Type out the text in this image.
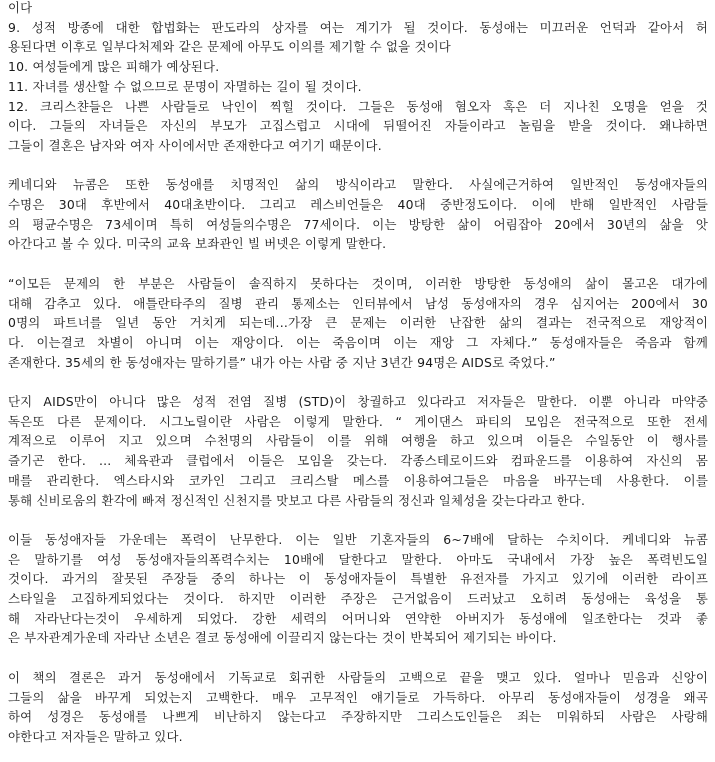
이다
9. 성적 방종에 대한 합법화는 판도라의 상자를 여는 계기가 될 것이다. 동성애는 미끄러운 언덕과 같아서 허
용된다면 이후로 일부다처제와 같은 문제에 아무도 이의를 제기할 수 없을 것이다
10. 여성들에게 많은 피해가 예상된다.
11. 자녀를 생산할 수 없으므로 문명이 자멸하는 길이 될 것이다.
12. 크리스챤들은 나쁜 사람들로 낙인이 찍힐 것이다. 그들은 동성애 혐오자 혹은 더 지나친 오명을 얻을 것
이다. 그들의 자녀들은 자신의 부모가 고집스럽고 시대에 뒤떨어진 자들이라고 놀림을 받을 것이다. 왜냐하면
그들이 결혼은 남자와 여자 사이에서만 존재한다고 여기기 때문이다.
케네디와 뉴콤은 또한 동성애를 치명적인 삶의 방식이라고 말한다. 사실에근거하여 일반적인 동성애자들의
수명은 30대 후반에서 40대초반이다. 그리고 레스비언들은 40대 중반정도이다. 이에 반해 일반적인 사람들
의 평균수명은 73세이며 특히 여성들의수명은 77세이다. 이는 방탕한 삶이 어림잡아 20에서 30년의 삶을 앗
아간다고 볼 수 있다. 미국의 교육 보좌관인 빌 버넷은 이렇게 말한다.
“이모든 문제의 한 부분은 사람들이 솔직하지 못하다는 것이며, 이러한 방탕한 동성애의 삶이 몰고온 대가에
대해 감추고 있다. 애틀란타주의 질병 관리 통제소는 인터뷰에서 남성 동성애자의 경우 심지어는 200에서 30
0명의 파트너를 일년 동안 거치게 되는데...가장 큰 문제는 이러한 난잡한 삶의 결과는 전국적으로 재앙적이
다. 이는결코 차별이 아니며 이는 재앙이다. 이는 죽음이며 이는 재앙 그 자체다.” 동성애자들은 죽음과 함께
존재한다. 35세의 한 동성애자는 말하기를” 내가 아는 사람 중 지난 3년간 94명은 AIDS로 죽었다.”
단지 AIDS만이 아니다 많은 성적 전염 질병 (STD)이 창궐하고 있다라고 저자들은 말한다. 이뿐 아니라 마약중
독은또 다른 문제이다. 시그노릴이란 사람은 이렇게 말한다. “ 게이댄스 파티의 모임은 전국적으로 또한 전세
계적으로 이루어 지고 있으며 수천명의 사람들이 이를 위해 여행을 하고 있으며 이들은 수일동안 이 행사를
즐기곤 한다. ... 체육관과 클럽에서 이들은 모임을 갖는다. 각종스테로이드와 컴파운드를 이용하여 자신의 몸
매를 관리한다. 엑스타시와 코카인 그리고 크리스탈 메스를 이용하여그들은 마음을 바꾸는데 사용한다. 이를
통해 신비로움의 환각에 빠져 정신적인 신천지를 맛보고 다른 사람들의 정신과 일체성을 갖는다라고 한다.
이들 동성애자들 가운데는 폭력이 난무한다. 이는 일반 기혼자들의 6~7배에 달하는 수치이다. 케네디와 뉴콤
은 말하기를 여성 동성애자들의폭력수치는 10배에 달한다고 말한다. 아마도 국내에서 가장 높은 폭력빈도일
것이다. 과거의 잘못된 주장들 중의 하나는 이 동성애자들이 특별한 유전자를 가지고 있기에 이러한 라이프
스타일을 고집하게되었다는 것이다. 하지만 이러한 주장은 근거없음이 드러났고 오히려 동성애는 육성을 통
해 자라난다는것이 우세하게 되었다. 강한 세력의 어머니와 연약한 아버지가 동성애에 일조한다는 것과 좋
은 부자관계가운데 자라난 소년은 결코 동성애에 이끌리지 않는다는 것이 반복되어 제기되는 바이다.
이 책의 결론은 과거 동성애에서 기독교로 회귀한 사람들의 고백으로 끝을 맺고 있다. 얼마나 믿음과 신앙이
그들의 삶을 바꾸게 되었는지 고백한다. 매우 고무적인 얘기들로 가득하다. 아무리 동성애자들이 성경을 왜곡
하여 성경은 동성애를 나쁘게 비난하지 않는다고 주장하지만 그리스도인들은 죄는 미워하되 사람은 사랑해
야한다고 저자들은 말하고 있다.
